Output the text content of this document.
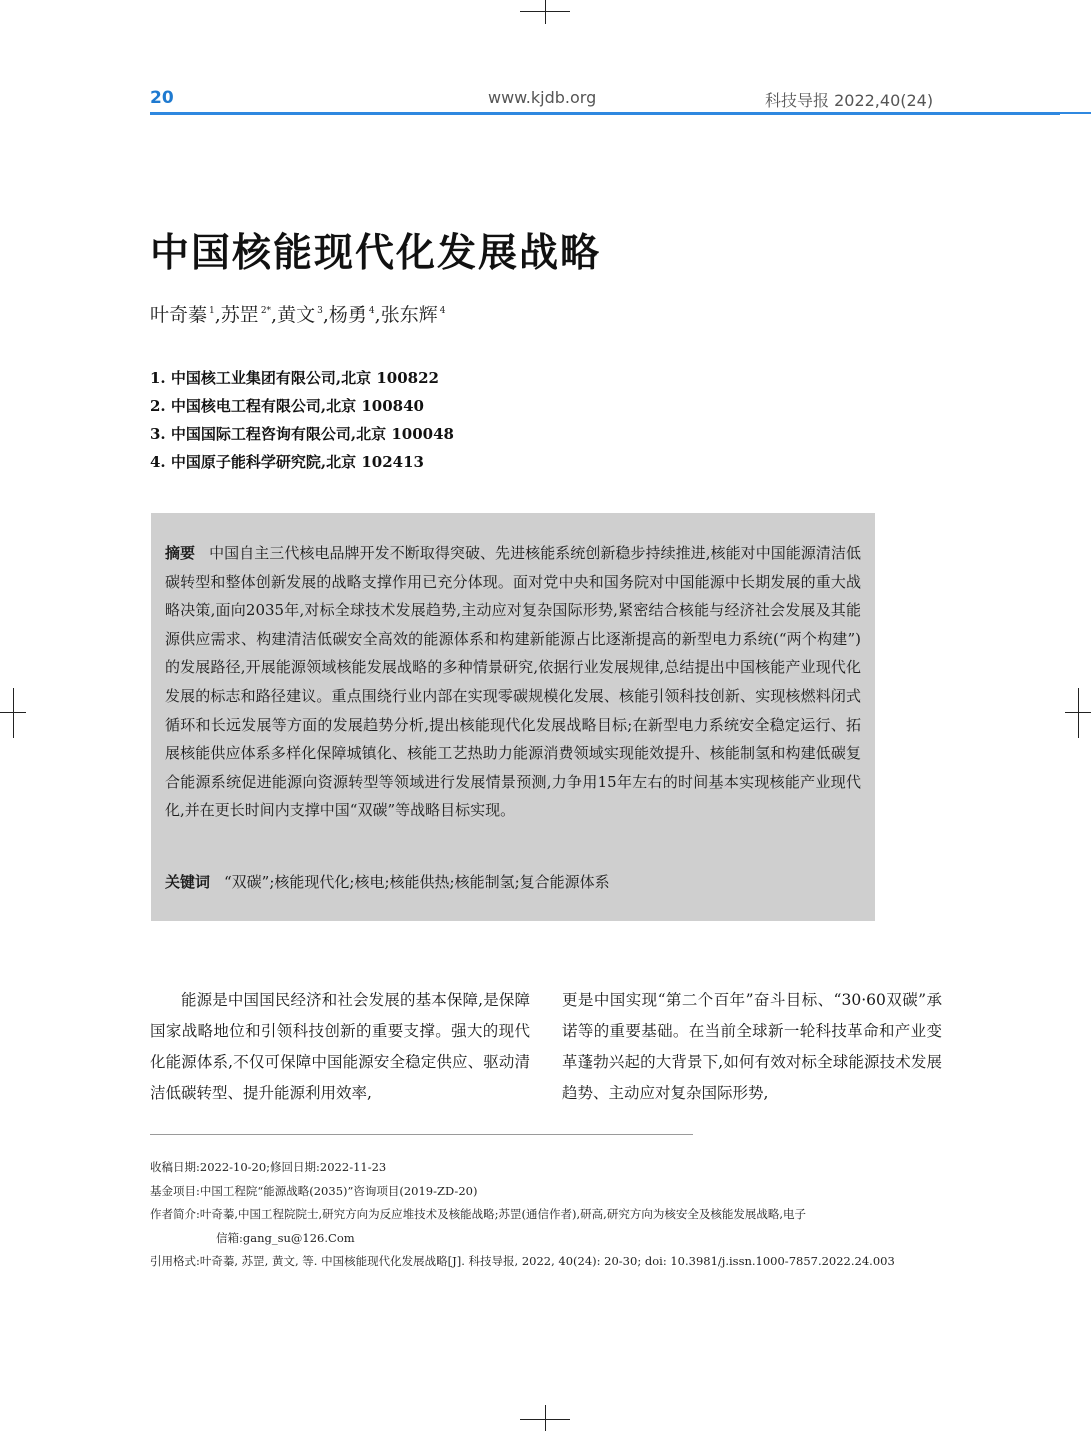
20	www.kjdb.org	科技导报 2022,40(24)
中国核能现代化发展战略
叶奇蓁 $^1$,苏罡 $^{2*}$,黄文 $^3$,杨勇 $^4$,张东辉 $^4$
1. 中国核工业集团有限公司,北京 100822
2. 中国核电工程有限公司,北京 100840
3. 中国国际工程咨询有限公司,北京 100048
4. 中国原子能科学研究院,北京 102413
摘要 中国自主三代核电品牌开发不断取得突破、先进核能系统创新稳步持续推进,核能对中国能源清洁低碳转型和整体创新发展的战略支撑作用已充分体现。面对党中央和国务院对中国能源中长期发展的重大战略决策,面向2035年,对标全球技术发展趋势,主动应对复杂国际形势,紧密结合核能与经济社会发展及其能源供应需求、构建清洁低碳安全高效的能源体系和构建新能源占比逐渐提高的新型电力系统(“两个构建”)的发展路径,开展能源领域核能发展战略的多种情景研究,依据行业发展规律,总结提出中国核能产业现代化发展的标志和路径建议。重点围绕行业内部在实现零碳规模化发展、核能引领科技创新、实现核燃料闭式循环和长远发展等方面的发展趋势分析,提出核能现代化发展战略目标;在新型电力系统安全稳定运行、拓展核能供应体系多样化保障城镇化、核能工艺热助力能源消费领域实现能效提升、核能制氢和构建低碳复合能源系统促进能源向资源转型等领域进行发展情景预测,力争用15年左右的时间基本实现核能产业现代化,并在更长时间内支撑中国“双碳”等战略目标实现。
关键词 “双碳”;核能现代化;核电;核能供热;核能制氢;复合能源体系
能源是中国国民经济和社会发展的基本保障,是保障国家战略地位和引领科技创新的重要支撑。强大的现代化能源体系,不仅可保障中国能源安全稳定供应、驱动清洁低碳转型、提升能源利用效率,
更是中国实现“第二个百年”奋斗目标、“30·60双碳”承诺等的重要基础。在当前全球新一轮科技革命和产业变革蓬勃兴起的大背景下,如何有效对标全球能源技术发展趋势、主动应对复杂国际形势,
收稿日期:2022-10-20;修回日期:2022-11-23
基金项目:中国工程院“能源战略(2035)”咨询项目(2019-ZD-20)
作者简介:叶奇蓁,中国工程院院士,研究方向为反应堆技术及核能战略;苏罡(通信作者),研高,研究方向为核安全及核能发展战略,电子
信箱:gang_su@126.Com
引用格式:叶奇蓁, 苏罡, 黄文, 等. 中国核能现代化发展战略[J]. 科技导报, 2022, 40(24): 20-30; doi: 10.3981/j.issn.1000-7857.2022.24.003
